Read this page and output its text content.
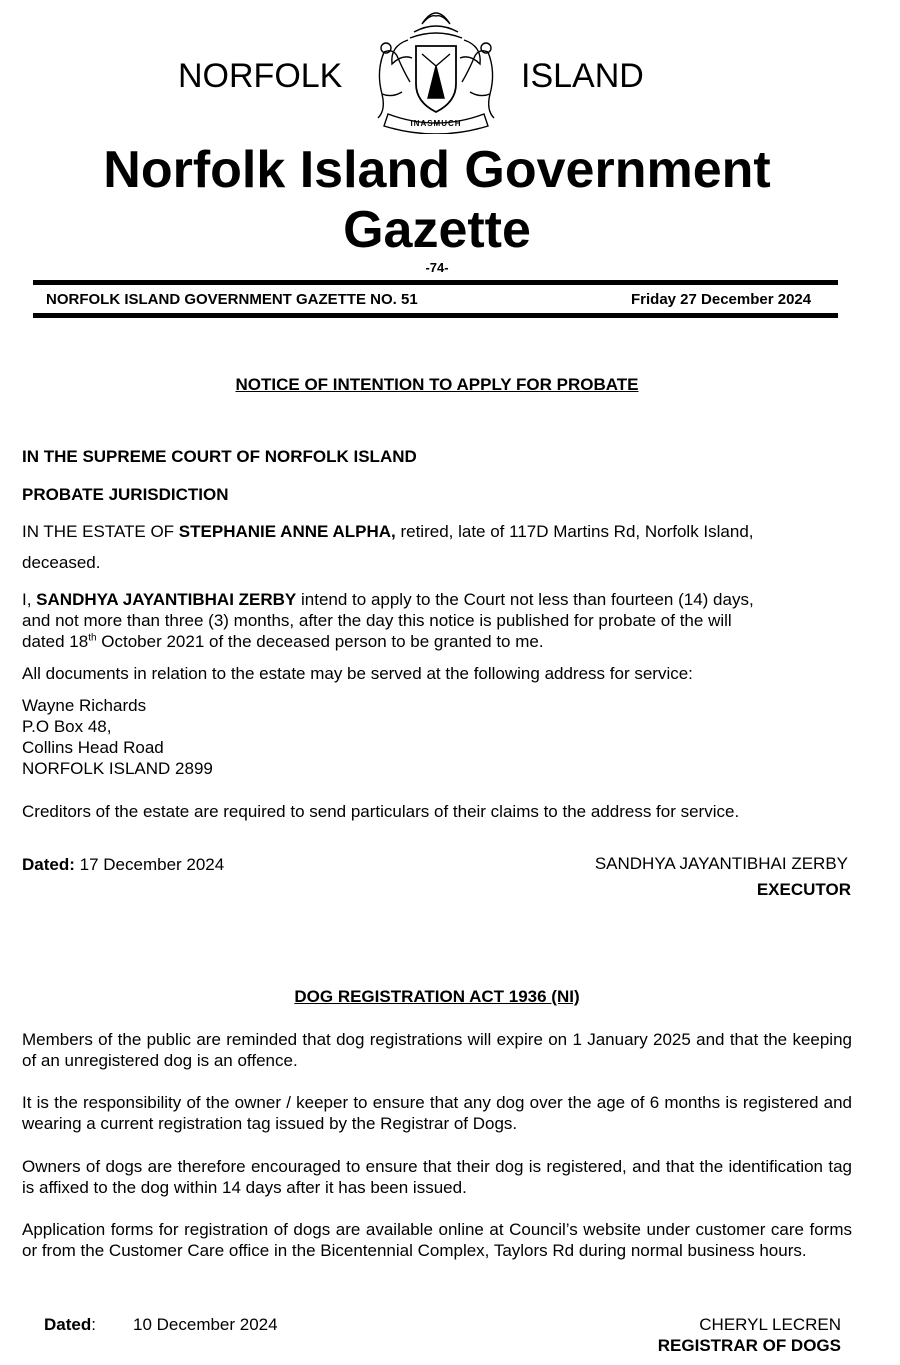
NORFOLK	ISLAND
INASMUCH
Norfolk Island Government
Gazette
-74-
NORFOLK ISLAND GOVERNMENT GAZETTE NO. 51	Friday 27 December 2024
NOTICE OF INTENTION TO APPLY FOR PROBATE
IN THE SUPREME COURT OF NORFOLK ISLAND
PROBATE JURISDICTION
IN THE ESTATE OF STEPHANIE ANNE ALPHA, retired, late of 117D Martins Rd, Norfolk Island,
deceased.
I, SANDHYA JAYANTIBHAI ZERBY intend to apply to the Court not less than fourteen (14) days,
and not more than three (3) months, after the day this notice is published for probate of the will
dated 18th October 2021 of the deceased person to be granted to me.
All documents in relation to the estate may be served at the following address for service:
Wayne Richards
P.O Box 48,
Collins Head Road
NORFOLK ISLAND 2899
Creditors of the estate are required to send particulars of their claims to the address for service.
Dated: 17 December 2024	SANDHYA JAYANTIBHAI ZERBY
EXECUTOR
DOG REGISTRATION ACT 1936 (NI)
Members of the public are reminded that dog registrations will expire on 1 January 2025 and that the keeping of an unregistered dog is an offence.
It is the responsibility of the owner / keeper to ensure that any dog over the age of 6 months is registered and wearing a current registration tag issued by the Registrar of Dogs.
Owners of dogs are therefore encouraged to ensure that their dog is registered, and that the identification tag is affixed to the dog within 14 days after it has been issued.
Application forms for registration of dogs are available online at Council’s website under customer care forms or from the Customer Care office in the Bicentennial Complex, Taylors Rd during normal business hours.
Dated: 10 December 2024	CHERYL LECREN
REGISTRAR OF DOGS
